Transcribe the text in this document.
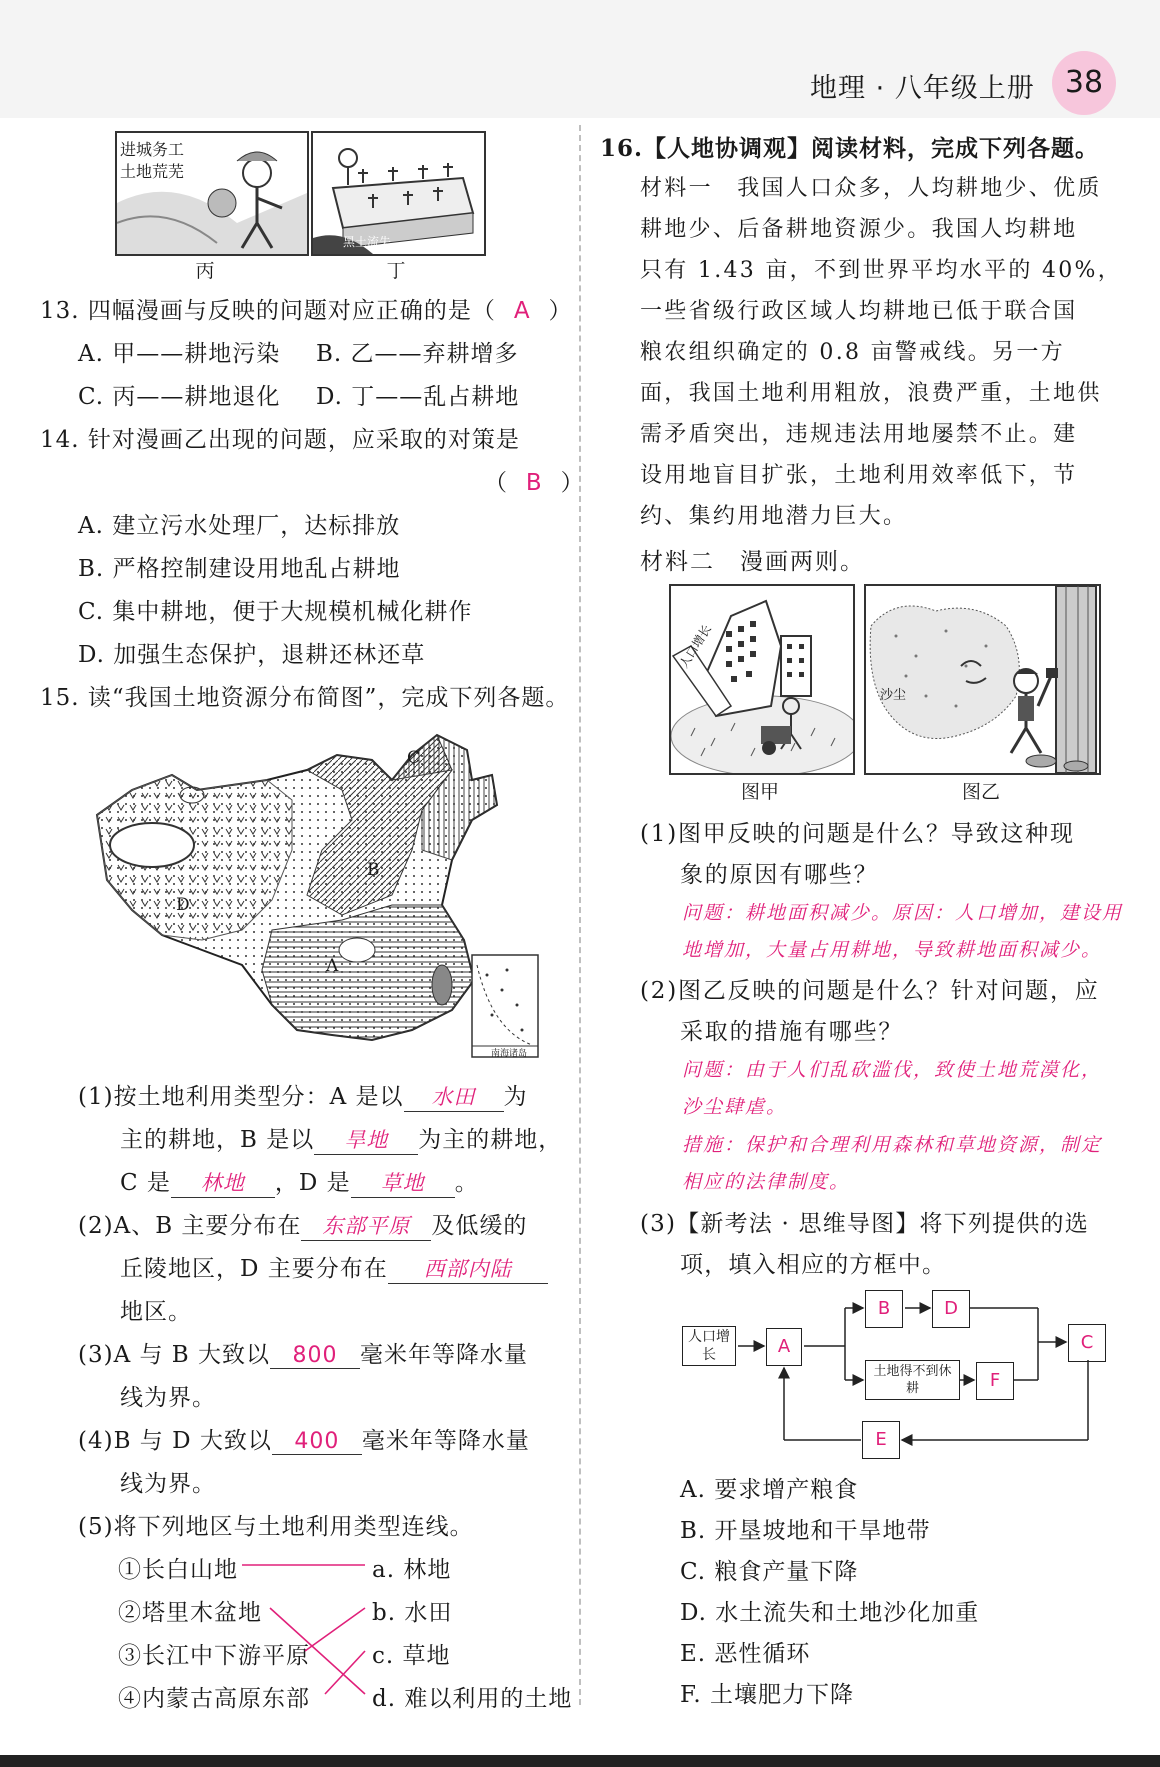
地理 · 八年级上册	38
进城务工
土地荒芜
丙
黑土流失
丁
13. 四幅漫画与反映的问题对应正确的是（ A ）
A. 甲——耕地污染 B. 乙——弃耕增多
C. 丙——耕地退化 D. 丁——乱占耕地
14. 针对漫画乙出现的问题，应采取的对策是
（ B ）
A. 建立污水处理厂，达标排放
B. 严格控制建设用地乱占耕地
C. 集中耕地，便于大规模机械化耕作
D. 加强生态保护，退耕还林还草
15. 读“我国土地资源分布简图”，完成下列各题。
C
B
A
D
南海诸岛
(1)按土地利用类型分：A 是以 水田 为
主的耕地，B 是以 旱地 为主的耕地，
C 是 林地 ，D 是 草地 。
(2)A、B 主要分布在 东部平原 及低缓的
丘陵地区，D 主要分布在 西部内陆
地区。
(3)A 与 B 大致以 800 毫米年等降水量
线为界。
(4)B 与 D 大致以 400 毫米年等降水量
线为界。
(5)将下列地区与土地利用类型连线。
①长白山地
②塔里木盆地
③长江中下游平原
④内蒙古高原东部
a. 林地
b. 水田
c. 草地
d. 难以利用的土地
16.【人地协调观】阅读材料，完成下列各题。
材料一　我国人口众多，人均耕地少、优质
耕地少、后备耕地资源少。我国人均耕地
只有 1.43 亩，不到世界平均水平的 40%，
一些省级行政区域人均耕地已低于联合国
粮农组织确定的 0.8 亩警戒线。另一方
面，我国土地利用粗放，浪费严重，土地供
需矛盾突出，违规违法用地屡禁不止。建
设用地盲目扩张，土地利用效率低下，节
约、集约用地潜力巨大。
材料二　漫画两则。
人口增长
图甲
沙尘
图乙
(1)图甲反映的问题是什么？导致这种现
象的原因有哪些？
问题：耕地面积减少。原因：人口增加，建设用
地增加，大量占用耕地，导致耕地面积减少。
(2)图乙反映的问题是什么？针对问题，应
采取的措施有哪些？
问题：由于人们乱砍滥伐，致使土地荒漠化，
沙尘肆虐。
措施：保护和合理利用森林和草地资源，制定
相应的法律制度。
(3)【新考法 · 思维导图】将下列提供的选
项，填入相应的方框中。
人口增长	A
B	D
C
土地得不到休耕	F
E
A. 要求增产粮食
B. 开垦坡地和干旱地带
C. 粮食产量下降
D. 水土流失和土地沙化加重
E. 恶性循环
F. 土壤肥力下降
